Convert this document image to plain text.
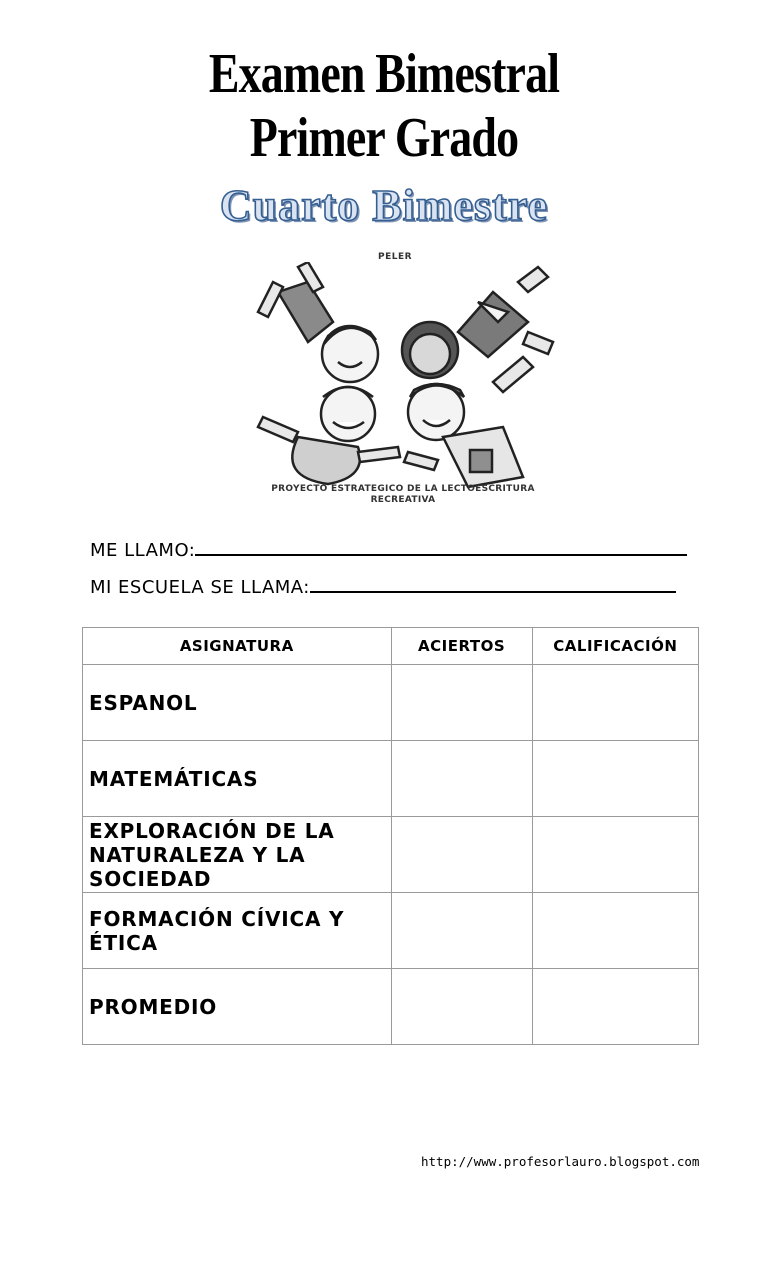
Examen Bimestral
Primer Grado
Cuarto Bimestre
PELER
PROYECTO ESTRATEGICO DE LA LECTOESCRITURA
RECREATIVA
ME LLAMO:
MI ESCUELA SE LLAMA:
ASIGNATURA	ACIERTOS	CALIFICACIÓN
ESPANOL		
MATEMÁTICAS		
EXPLORACIÓN DE LA NATURALEZA Y LA SOCIEDAD		
FORMACIÓN CÍVICA Y ÉTICA		
PROMEDIO		
http://www.profesorlauro.blogspot.com
